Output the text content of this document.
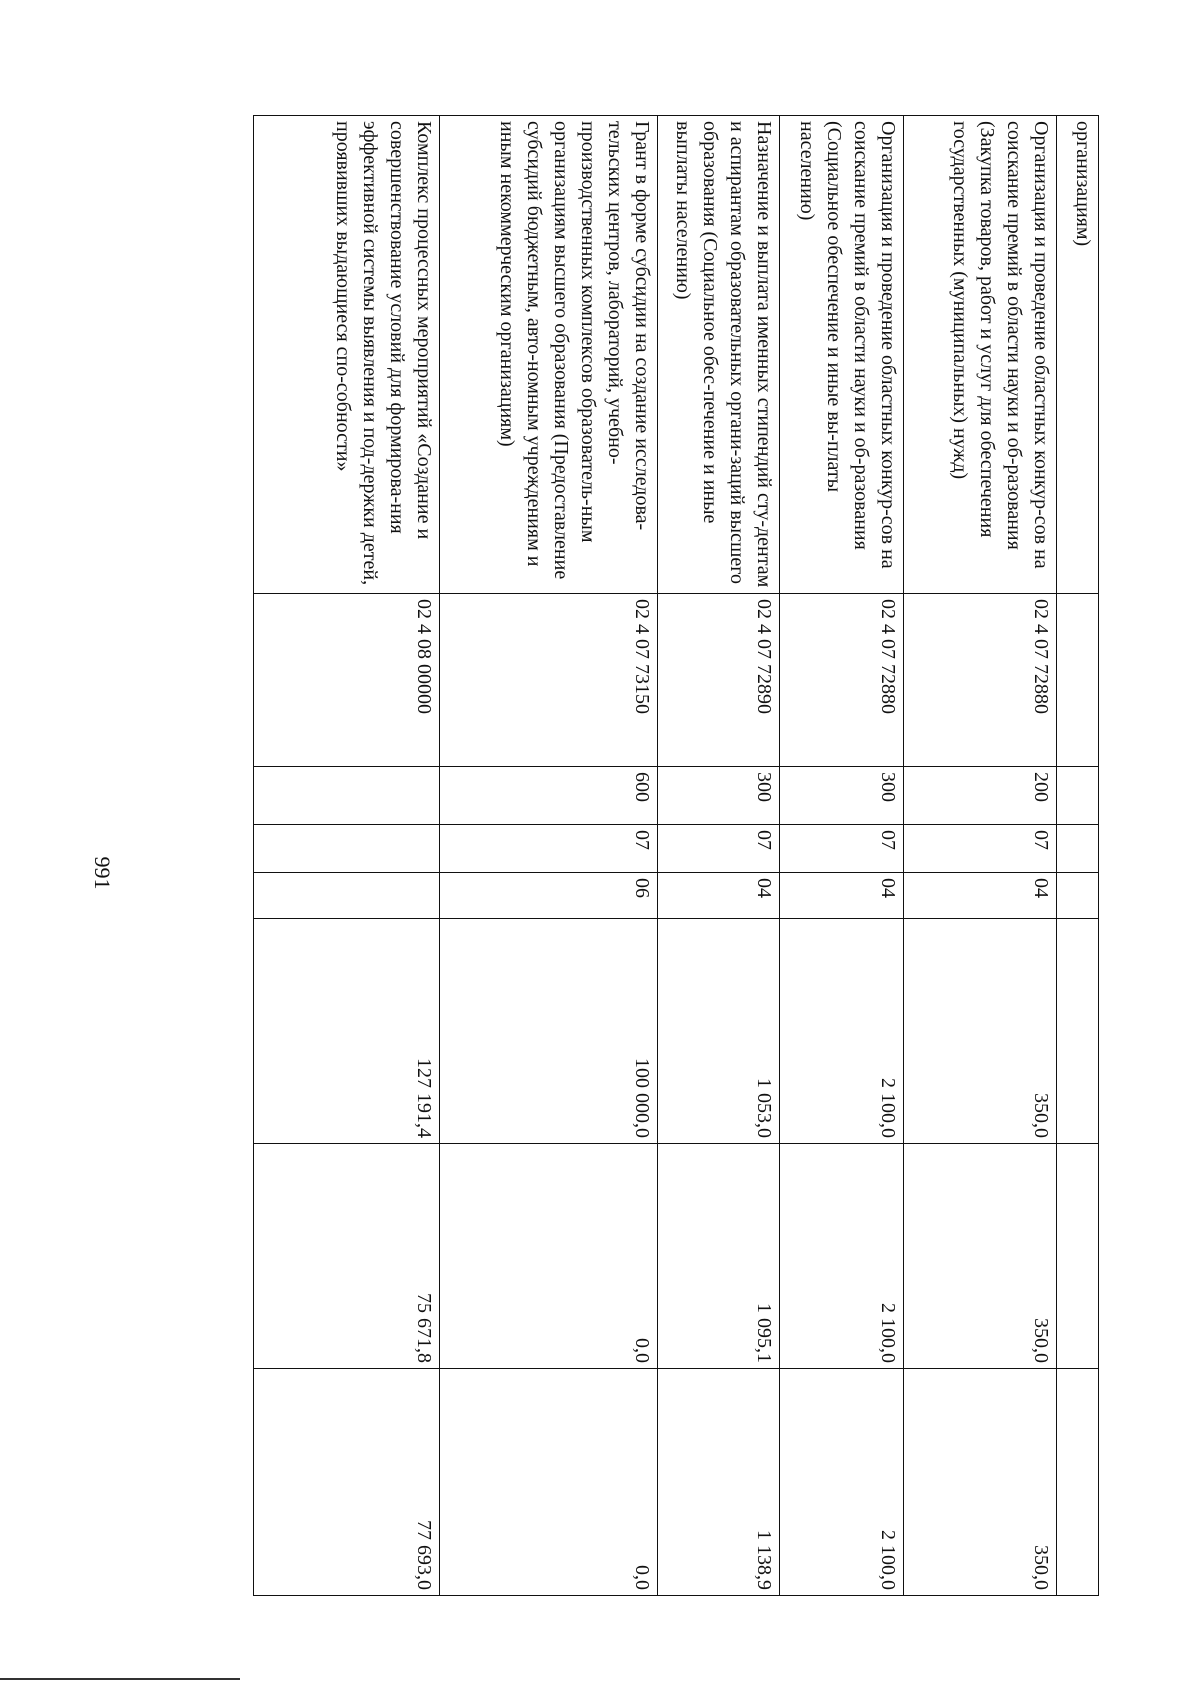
991
организациям)							
Организация и проведение областных конкур-сов на соискание премий в области науки и об-разования (Закупка товаров, работ и услуг для обеспечения государственных (муниципальных) нужд)	02 4 07 72880	200	07	04	350,0	350,0	350,0
Организация и проведение областных конкур-сов на соискание премий в области науки и об-разования (Социальное обеспечение и иные вы-платы населению)	02 4 07 72880	300	07	04	2 100,0	2 100,0	2 100,0
Назначение и выплата именных стипендий сту-дентам и аспирантам образовательных органи-заций высшего образования (Социальное обес-печение и иные выплаты населению)	02 4 07 72890	300	07	04	1 053,0	1 095,1	1 138,9
Грант в форме субсидии на создание исследова-тельских центров, лабораторий, учебно-производственных комплексов образователь-ным организациям высшего образования (Предоставление субсидий бюджетным, авто-номным учреждениям и иным некоммерческим организациям)	02 4 07 73150	600	07	06	100 000,0	0,0	0,0
Комплекс процессных мероприятий «Создание и совершенствование условий для формирова-ния эффективной системы выявления и под-держки детей, проявивших выдающиеся спо-собности»	02 4 08 00000				127 191,4	75 671,8	77 693,0
